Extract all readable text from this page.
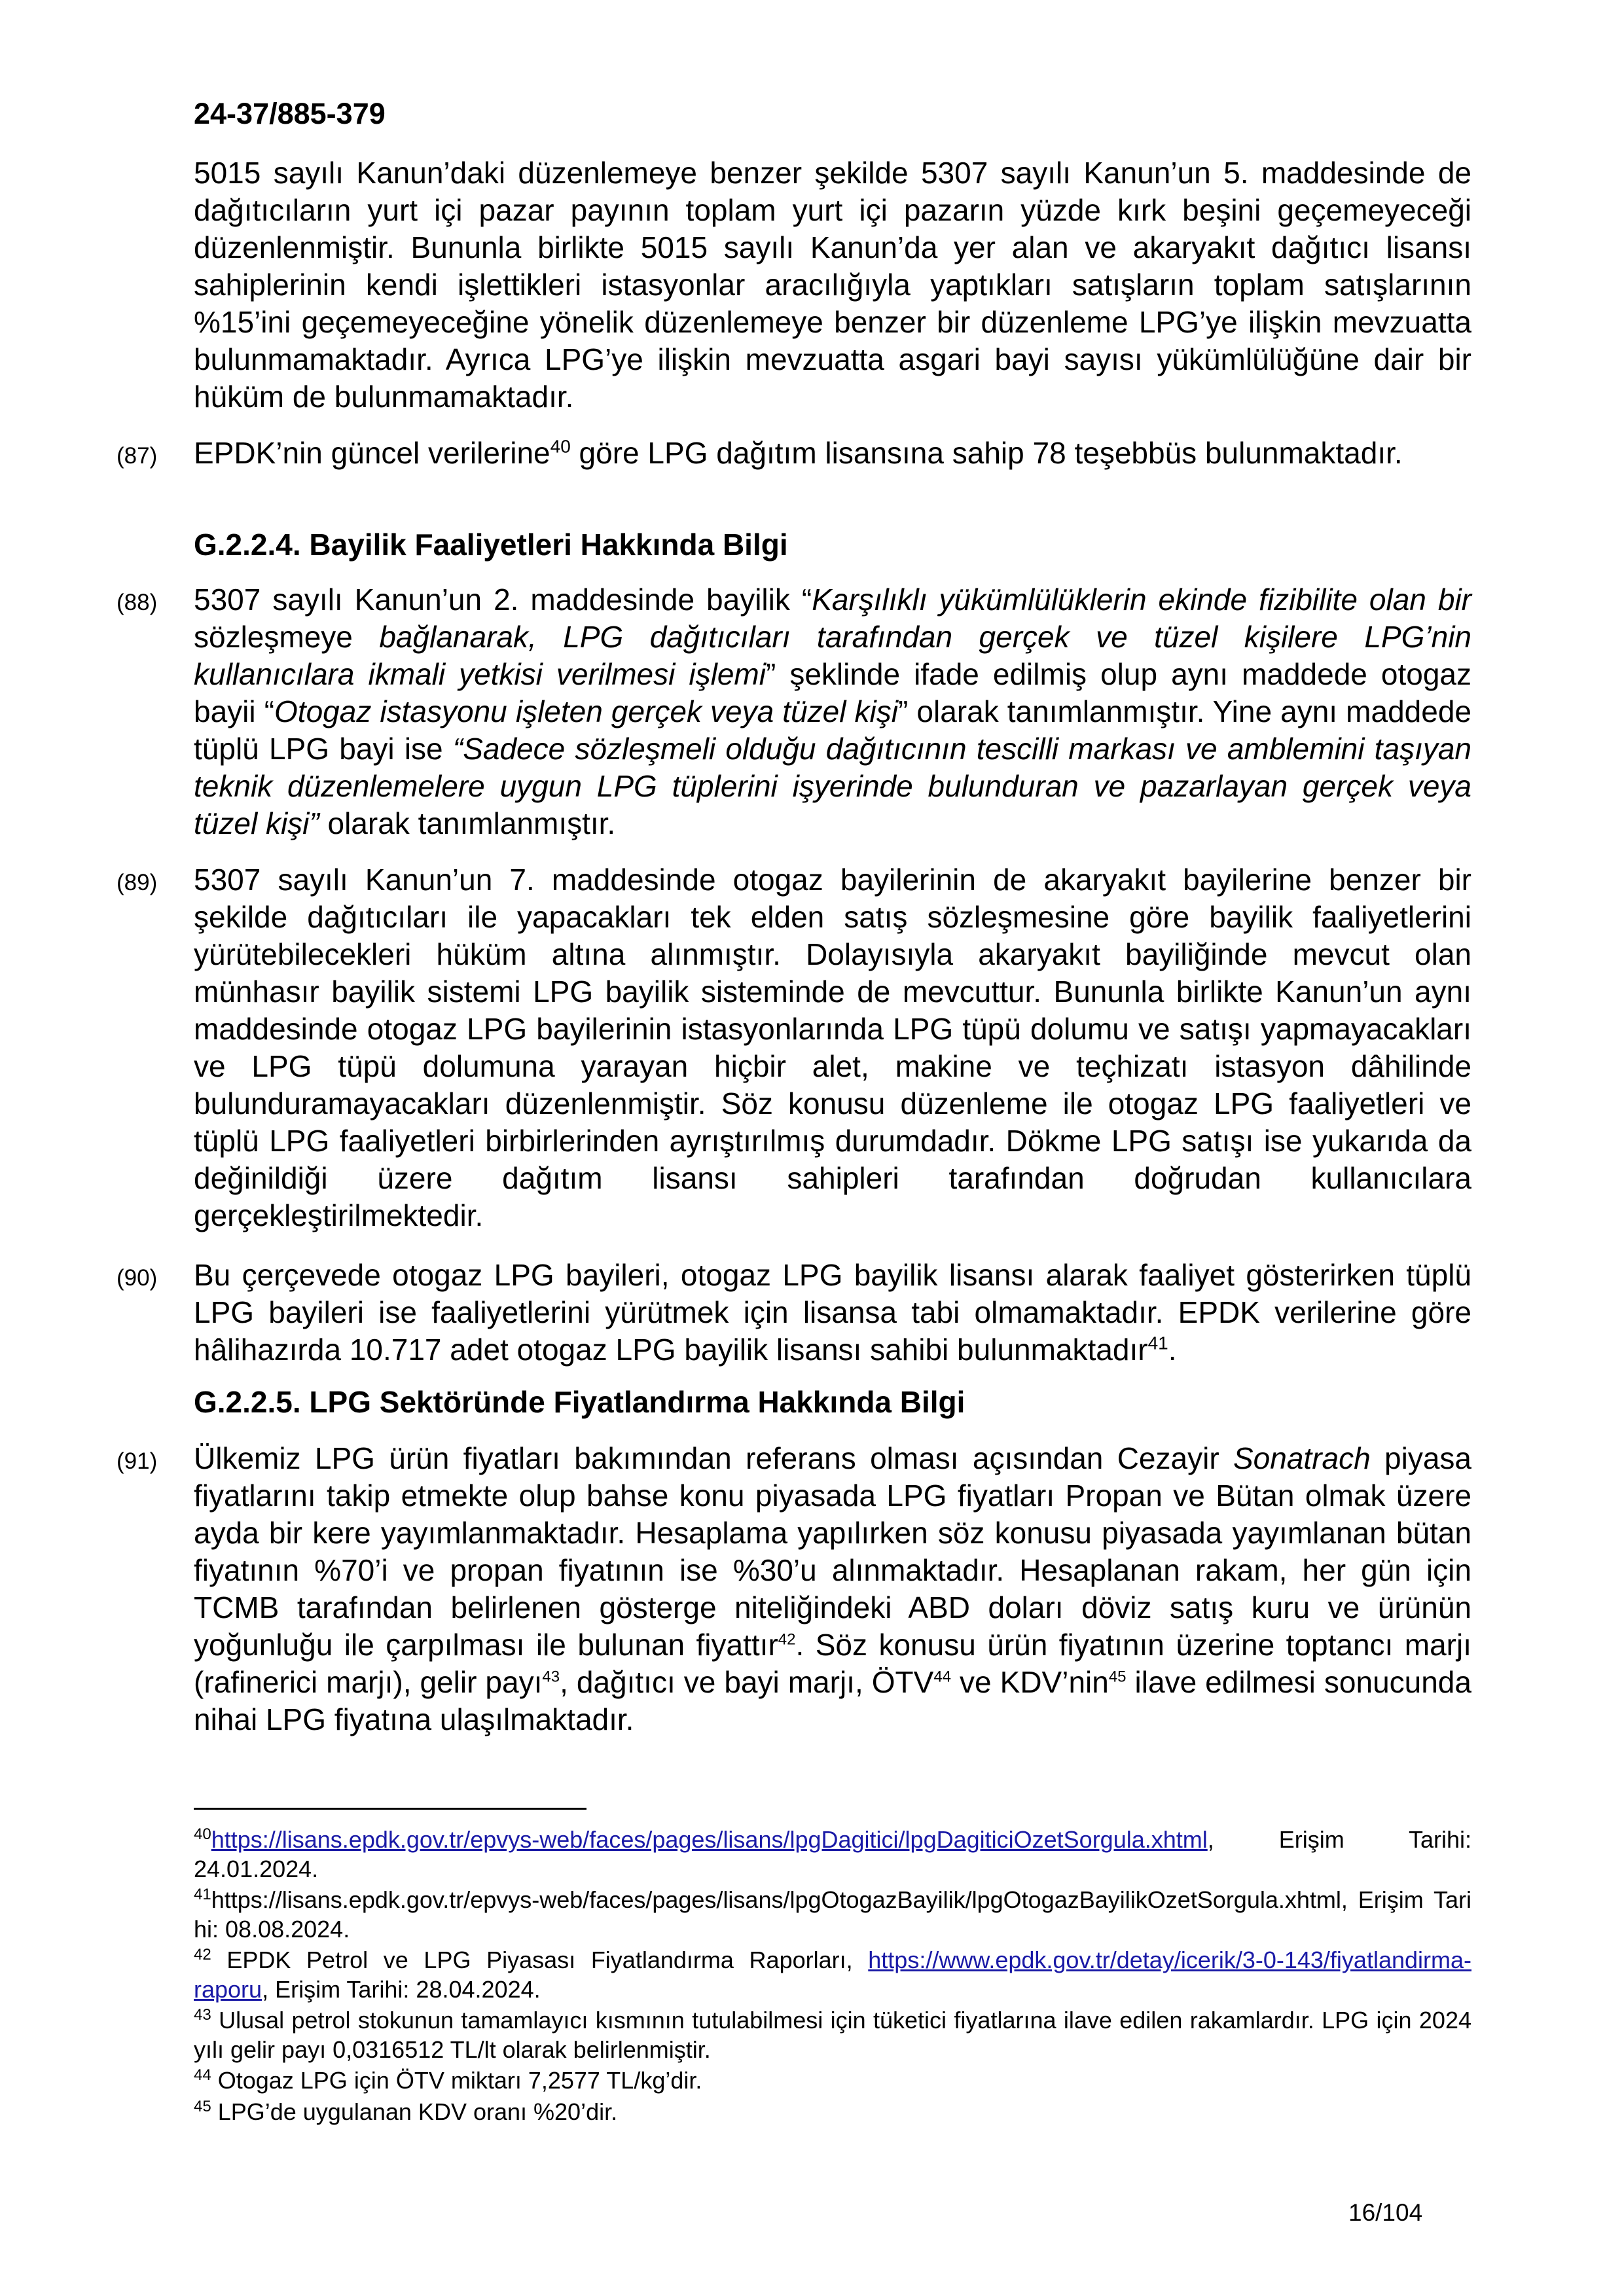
24-37/885-379
5015 sayılı Kanun’daki düzenlemeye benzer şekilde 5307 sayılı Kanun’un 5. maddesinde de dağıtıcıların yurt içi pazar payının toplam yurt içi pazarın yüzde kırk beşini geçemeyeceği düzenlenmiştir. Bununla birlikte 5015 sayılı Kanun’da yer alan ve akaryakıt dağıtıcı lisansı sahiplerinin kendi işlettikleri istasyonlar aracılığıyla yaptıkları satışların toplam satışlarının %15’ini geçemeyeceğine yönelik düzenlemeye benzer bir düzenleme LPG’ye ilişkin mevzuatta bulunmamaktadır. Ayrıca LPG’ye ilişkin mevzuatta asgari bayi sayısı yükümlülüğüne dair bir hüküm de bulunmamaktadır.
(87) EPDK’nin güncel verilerine$^{40}$ göre LPG dağıtım lisansına sahip 78 teşebbüs bulunmaktadır.
G.2.2.4. Bayilik Faaliyetleri Hakkında Bilgi
(88) 5307 sayılı Kanun’un 2. maddesinde bayilik “Karşılıklı yükümlülüklerin ekinde fizibilite olan bir sözleşmeye bağlanarak, LPG dağıtıcıları tarafından gerçek ve tüzel kişilere LPG’nin kullanıcılara ikmali yetkisi verilmesi işlemi” şeklinde ifade edilmiş olup aynı maddede otogaz bayii “Otogaz istasyonu işleten gerçek veya tüzel kişi” olarak tanımlanmıştır. Yine aynı maddede tüplü LPG bayi ise “Sadece sözleşmeli olduğu dağıtıcının tescilli markası ve amblemini taşıyan teknik düzenlemelere uygun LPG tüplerini işyerinde bulunduran ve pazarlayan gerçek veya tüzel kişi” olarak tanımlanmıştır.
(89) 5307 sayılı Kanun’un 7. maddesinde otogaz bayilerinin de akaryakıt bayilerine benzer bir şekilde dağıtıcıları ile yapacakları tek elden satış sözleşmesine göre bayilik faaliyetlerini yürütebilecekleri hüküm altına alınmıştır. Dolayısıyla akaryakıt bayiliğinde mevcut olan münhasır bayilik sistemi LPG bayilik sisteminde de mevcuttur. Bununla birlikte Kanun’un aynı maddesinde otogaz LPG bayilerinin istasyonlarında LPG tüpü dolumu ve satışı yapmayacakları ve LPG tüpü dolumuna yarayan hiçbir alet, makine ve teçhizatı istasyon dâhilinde bulunduramayacakları düzenlenmiştir. Söz konusu düzenleme ile otogaz LPG faaliyetleri ve tüplü LPG faaliyetleri birbirlerinden ayrıştırılmış durumdadır. Dökme LPG satışı ise yukarıda da değinildiği üzere dağıtım lisansı sahipleri tarafından doğrudan kullanıcılara gerçekleştirilmektedir.
(90) Bu çerçevede otogaz LPG bayileri, otogaz LPG bayilik lisansı alarak faaliyet gösterirken tüplü LPG bayileri ise faaliyetlerini yürütmek için lisansa tabi olmamaktadır. EPDK verilerine göre hâlihazırda 10.717 adet otogaz LPG bayilik lisansı sahibi bulunmaktadır$^{41}$.
G.2.2.5. LPG Sektöründe Fiyatlandırma Hakkında Bilgi
(91) Ülkemiz LPG ürün fiyatları bakımından referans olması açısından Cezayir Sonatrach piyasa fiyatlarını takip etmekte olup bahse konu piyasada LPG fiyatları Propan ve Bütan olmak üzere ayda bir kere yayımlanmaktadır. Hesaplama yapılırken söz konusu piyasada yayımlanan bütan fiyatının %70’i ve propan fiyatının ise %30’u alınmaktadır. Hesaplanan rakam, her gün için TCMB tarafından belirlenen gösterge niteliğindeki ABD doları döviz satış kuru ve ürünün yoğunluğu ile çarpılması ile bulunan fiyattır$^{42}$. Söz konusu ürün fiyatının üzerine toptancı marjı (rafinerici marjı), gelir payı$^{43}$, dağıtıcı ve bayi marjı, ÖTV$^{44}$ ve KDV’nin$^{45}$ ilave edilmesi sonucunda nihai LPG fiyatına ulaşılmaktadır.
$^{40}$https://lisans.epdk.gov.tr/epvys-web/faces/pages/lisans/lpgDagitici/lpgDagiticiOzetSorgula.xhtml, Erişim Tarihi: 24.01.2024.
$^{41}$https://lisans.epdk.gov.tr/epvys-web/faces/pages/lisans/lpgOtogazBayilik/lpgOtogazBayilikOzetSorgula.xhtml, Erişim Tarihi: 08.08.2024.
$^{42}$ EPDK Petrol ve LPG Piyasası Fiyatlandırma Raporları, https://www.epdk.gov.tr/detay/icerik/3-0-143/fiyatlandirma-raporu, Erişim Tarihi: 28.04.2024.
$^{43}$ Ulusal petrol stokunun tamamlayıcı kısmının tutulabilmesi için tüketici fiyatlarına ilave edilen rakamlardır. LPG için 2024 yılı gelir payı 0,0316512 TL/lt olarak belirlenmiştir.
$^{44}$ Otogaz LPG için ÖTV miktarı 7,2577 TL/kg’dir.
$^{45}$ LPG’de uygulanan KDV oranı %20’dir.
16/104
